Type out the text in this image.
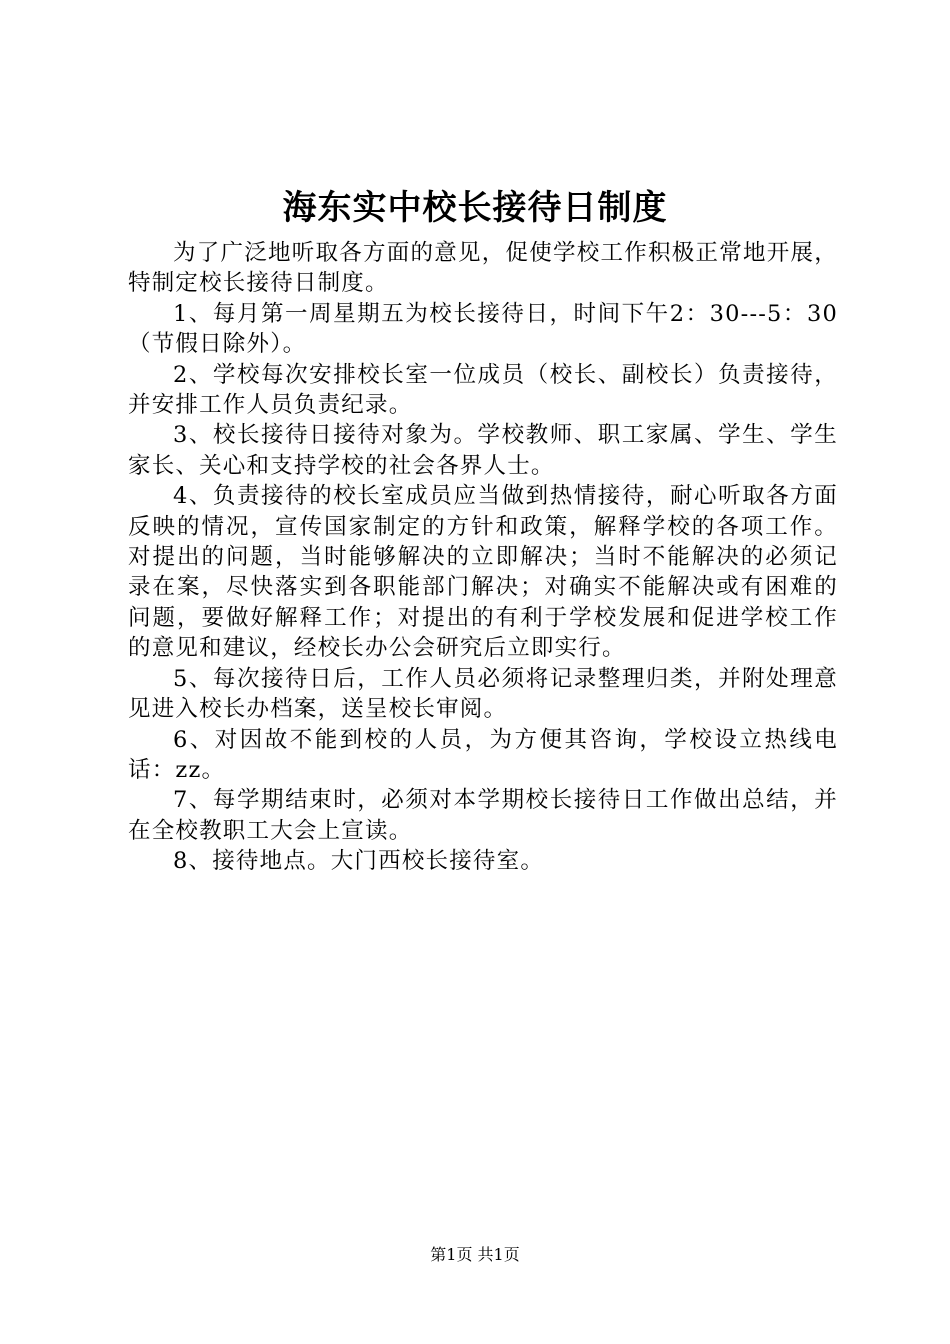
海东实中校长接待日制度

为了广泛地听取各方面的意见，促使学校工作积极正常地开展，特制定校长接待日制度。

1、每月第一周星期五为校长接待日，时间下午2：30---5：30（节假日除外）。

2、学校每次安排校长室一位成员（校长、副校长）负责接待，并安排工作人员负责纪录。

3、校长接待日接待对象为。学校教师、职工家属、学生、学生家长、关心和支持学校的社会各界人士。

4、负责接待的校长室成员应当做到热情接待，耐心听取各方面反映的情况，宣传国家制定的方针和政策，解释学校的各项工作。对提出的问题，当时能够解决的立即解决；当时不能解决的必须记录在案，尽快落实到各职能部门解决；对确实不能解决或有困难的问题，要做好解释工作；对提出的有利于学校发展和促进学校工作的意见和建议，经校长办公会研究后立即实行。

5、每次接待日后，工作人员必须将记录整理归类，并附处理意见进入校长办档案，送呈校长审阅。

6、对因故不能到校的人员，为方便其咨询，学校设立热线电话：zz。

7、每学期结束时，必须对本学期校长接待日工作做出总结，并在全校教职工大会上宣读。

8、接待地点。大门西校长接待室。

第1页 共1页
